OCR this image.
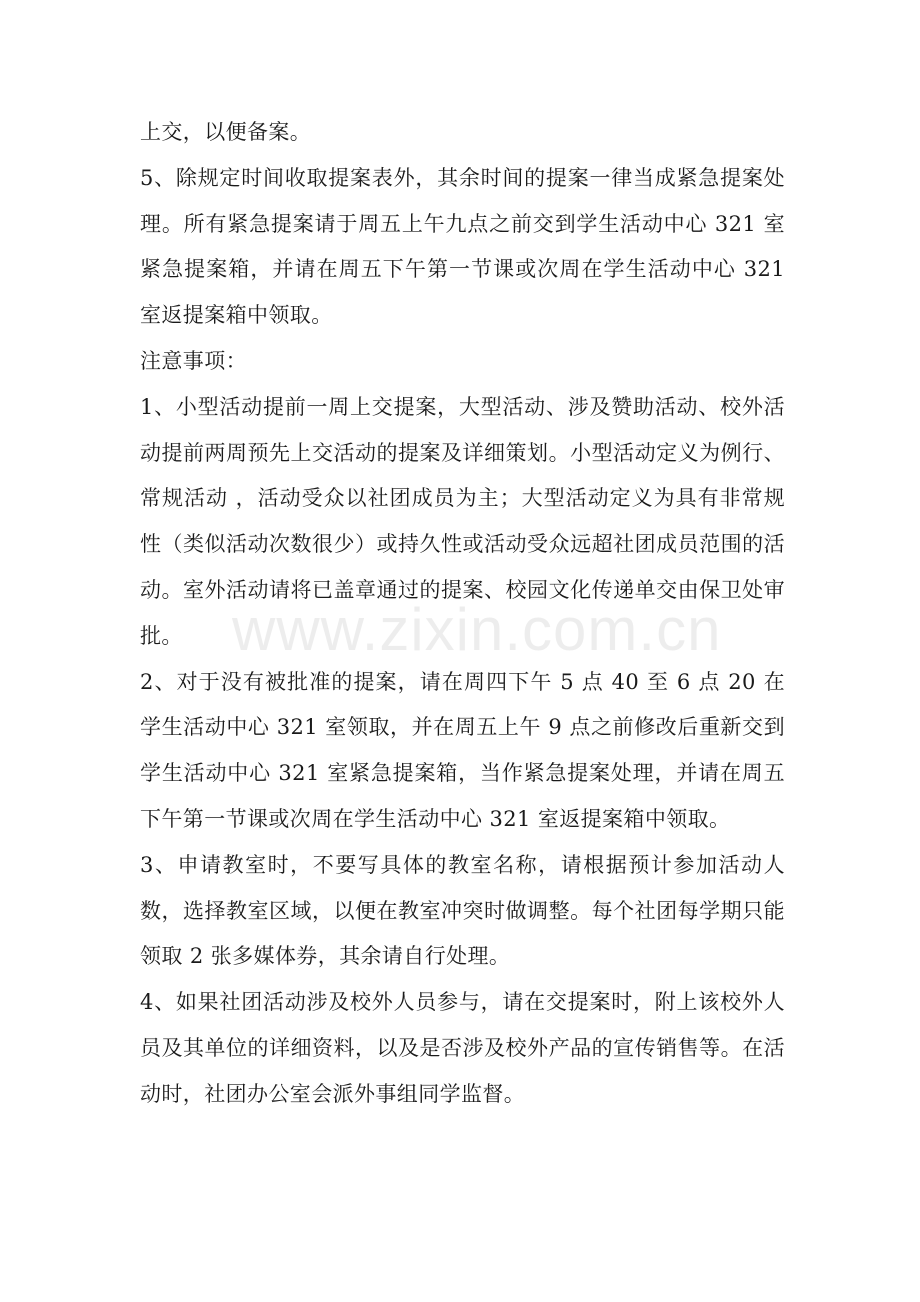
上交，以便备案。

5、除规定时间收取提案表外，其余时间的提案一律当成紧急提案处理。所有紧急提案请于周五上午九点之前交到学生活动中心 321 室紧急提案箱，并请在周五下午第一节课或次周在学生活动中心 321 室返提案箱中领取。

注意事项：

1、小型活动提前一周上交提案，大型活动、涉及赞助活动、校外活动提前两周预先上交活动的提案及详细策划。小型活动定义为例行、常规活动 ，活动受众以社团成员为主；大型活动定义为具有非常规性（类似活动次数很少）或持久性或活动受众远超社团成员范围的活动。室外活动请将已盖章通过的提案、校园文化传递单交由保卫处审批。

2、对于没有被批准的提案，请在周四下午 5 点 40 至 6 点 20 在学生活动中心 321 室领取，并在周五上午 9 点之前修改后重新交到学生活动中心 321 室紧急提案箱，当作紧急提案处理，并请在周五下午第一节课或次周在学生活动中心 321 室返提案箱中领取。

3、申请教室时，不要写具体的教室名称，请根据预计参加活动人数，选择教室区域，以便在教室冲突时做调整。每个社团每学期只能领取 2 张多媒体券，其余请自行处理。

4、如果社团活动涉及校外人员参与，请在交提案时，附上该校外人员及其单位的详细资料，以及是否涉及校外产品的宣传销售等。在活动时，社团办公室会派外事组同学监督。

www.zixin.com.cn
